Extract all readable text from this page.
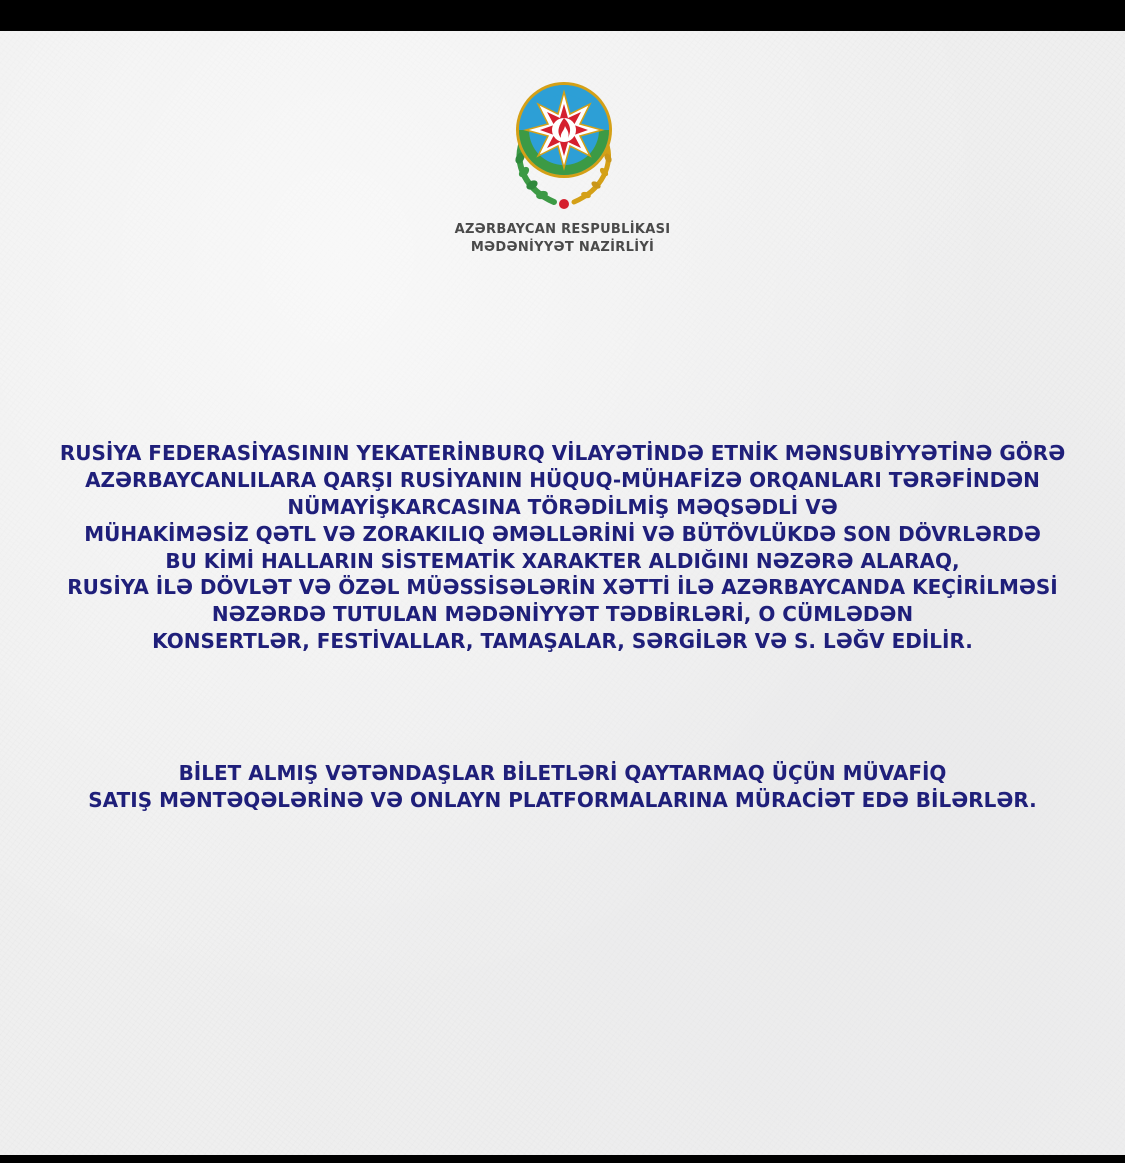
AZƏRBAYCAN RESPUBLİKASI
MƏDƏNİYYƏT NAZİRLİYİ
RUSİYA FEDERASİYASININ YEKATERİNBURQ VİLAYƏTİNDƏ ETNİK MƏNSUBİYYƏTİNƏ GÖRƏ
AZƏRBAYCANLILARA QARŞI RUSİYANIN HÜQUQ-MÜHAFİZƏ ORQANLARI TƏRƏFİNDƏN
NÜMAYİŞKARCASINA TÖRƏDİLMİŞ MƏQSƏDLİ VƏ
MÜHAKİMƏSİZ QƏTL VƏ ZORAKILIQ ƏMƏLLƏRİNİ VƏ BÜTÖVLÜKDƏ SON DÖVRLƏRDƏ
BU KİMİ HALLARIN SİSTEMATİK XARAKTER ALDIĞINI NƏZƏRƏ ALARAQ,
RUSİYA İLƏ DÖVLƏT VƏ ÖZƏL MÜƏSSİSƏLƏRİN XƏTTİ İLƏ AZƏRBAYCANDA KEÇİRİLMƏSİ
NƏZƏRDƏ TUTULAN MƏDƏNİYYƏT TƏDBİRLƏRİ, O CÜMLƏDƏN
KONSERTLƏR, FESTİVALLAR, TAMAŞALAR, SƏRGİLƏR VƏ S. LƏĞV EDİLİR.
BİLET ALMIŞ VƏTƏNDAŞLAR BİLETLƏRİ QAYTARMAQ ÜÇÜN MÜVAFİQ
SATIŞ MƏNTƏQƏLƏRİNƏ VƏ ONLAYN PLATFORMALARINA MÜRACİƏT EDƏ BİLƏRLƏR.
